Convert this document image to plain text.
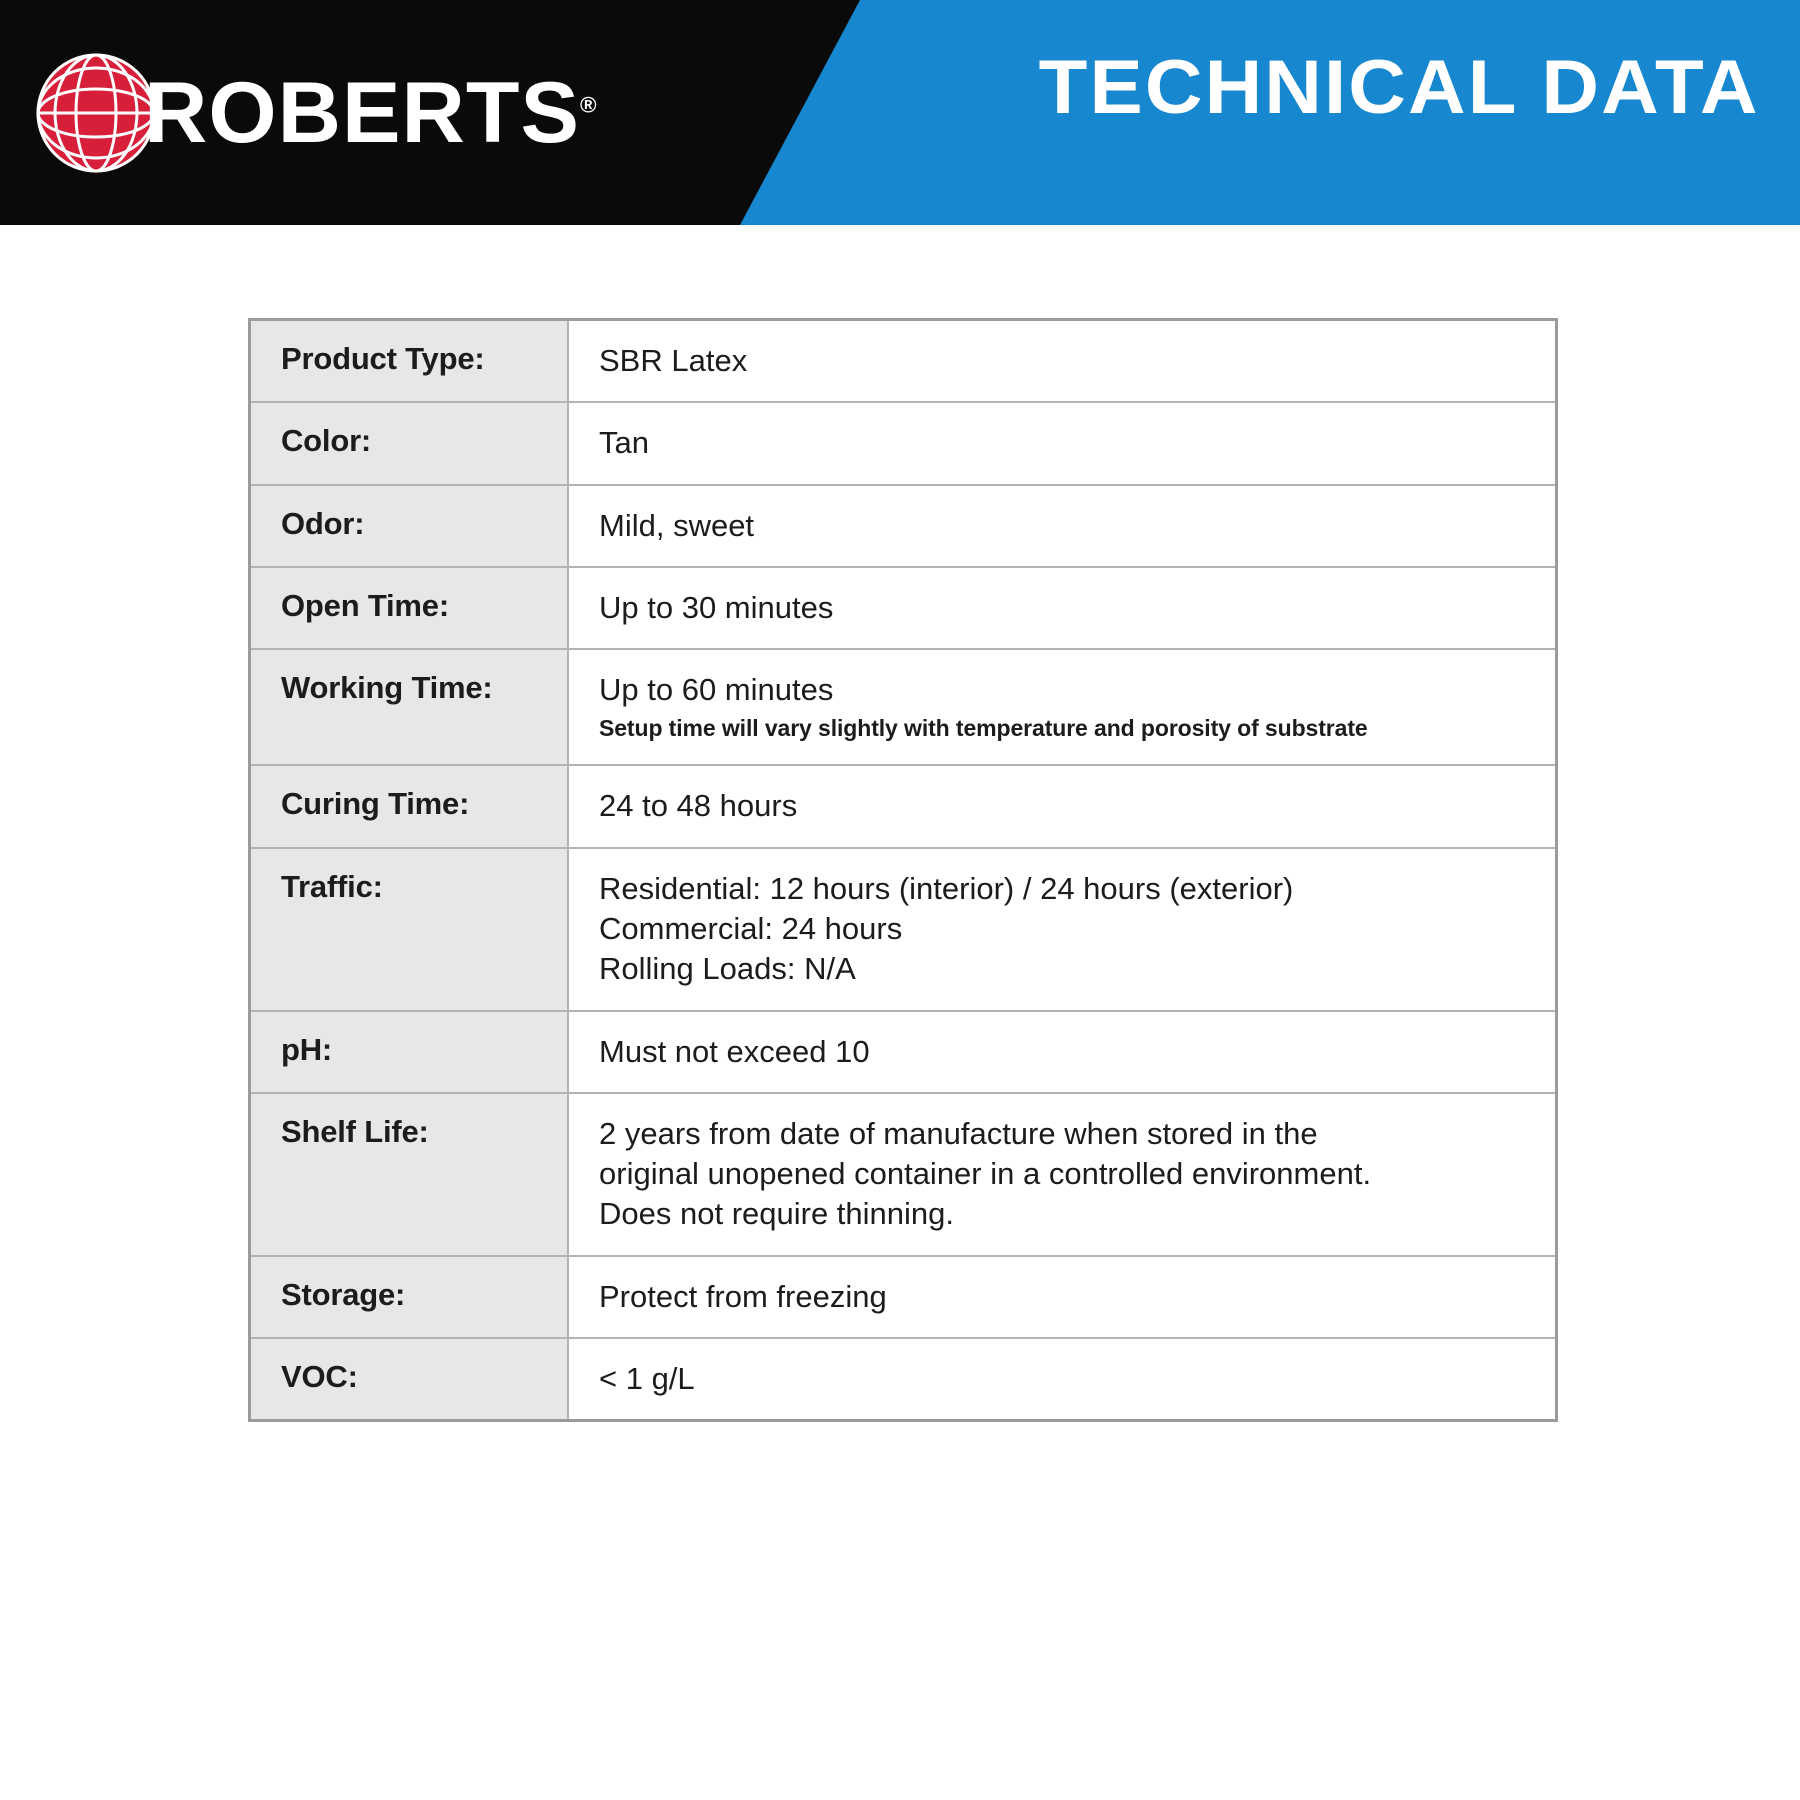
ROBERTS®	TECHNICAL DATA
Product Type:	SBR Latex
Color:	Tan
Odor:	Mild, sweet
Open Time:	Up to 30 minutes
Working Time:	Up to 60 minutes
Setup time will vary slightly with temperature and porosity of substrate
Curing Time:	24 to 48 hours
Traffic:	Residential: 12 hours (interior) / 24 hours (exterior)
Commercial: 24 hours
Rolling Loads: N/A
pH:	Must not exceed 10
Shelf Life:	2 years from date of manufacture when stored in the
original unopened container in a controlled environment.
Does not require thinning.
Storage:	Protect from freezing
VOC:	< 1 g/L
